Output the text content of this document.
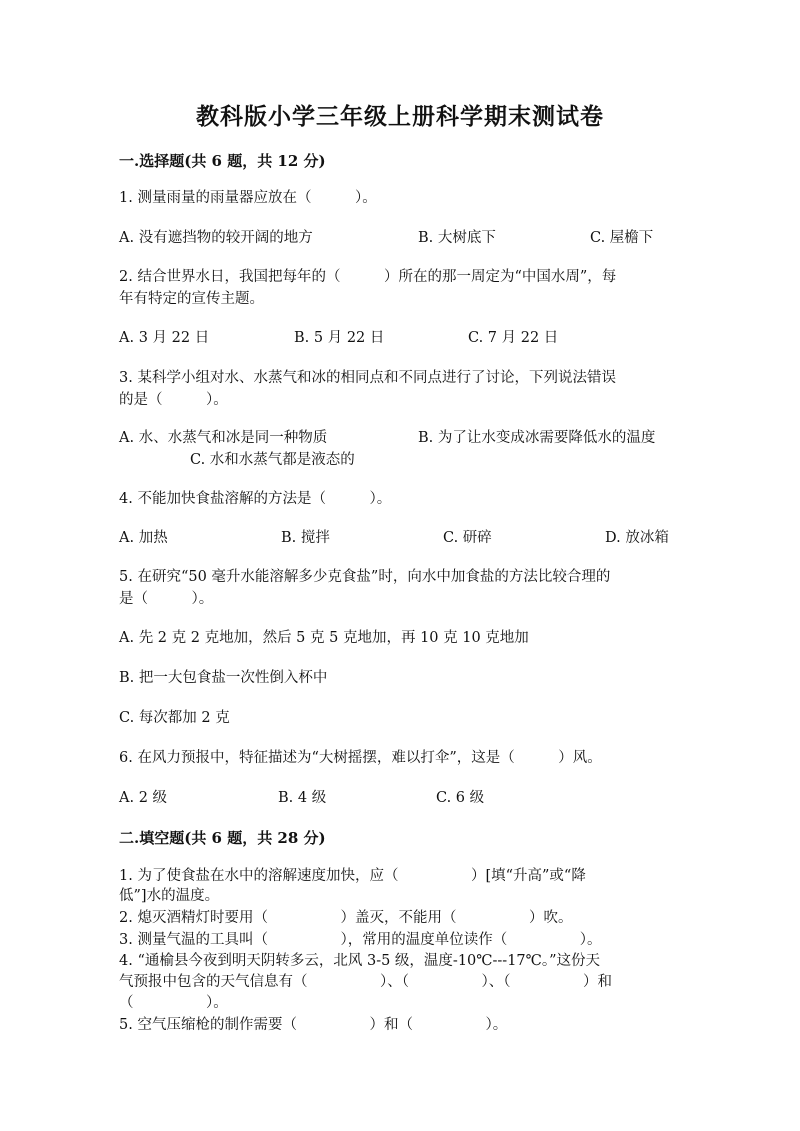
教科版小学三年级上册科学期末测试卷
一.选择题(共 6 题，共 12 分)
1. 测量雨量的雨量器应放在（　　　）。
A. 没有遮挡物的较开阔的地方	B. 大树底下	C. 屋檐下
2. 结合世界水日，我国把每年的（　　　）所在的那一周定为“中国水周”，每
年有特定的宣传主题。
A. 3 月 22 日	B. 5 月 22 日	C. 7 月 22 日
3. 某科学小组对水、水蒸气和冰的相同点和不同点进行了讨论，下列说法错误
的是（　　　）。
A. 水、水蒸气和冰是同一种物质	B. 为了让水变成冰需要降低水的温度
C. 水和水蒸气都是液态的
4. 不能加快食盐溶解的方法是（　　　）。
A. 加热	B. 搅拌	C. 研碎	D. 放冰箱
5. 在研究“50 毫升水能溶解多少克食盐”时，向水中加食盐的方法比较合理的
是（　　　）。
A. 先 2 克 2 克地加，然后 5 克 5 克地加，再 10 克 10 克地加
B. 把一大包食盐一次性倒入杯中
C. 每次都加 2 克
6. 在风力预报中，特征描述为“大树摇摆，难以打伞”，这是（　　　）风。
A. 2 级	B. 4 级	C. 6 级
二.填空题(共 6 题，共 28 分)
1. 为了使食盐在水中的溶解速度加快，应（　　　　　）[填“升高”或“降
低”]水的温度。
2. 熄灭酒精灯时要用（　　　　　）盖灭，不能用（　　　　　）吹。
3. 测量气温的工具叫（　　　　　），常用的温度单位读作（　　　　　）。
4. “通榆县今夜到明天阴转多云，北风 3-5 级，温度-10℃---17℃。”这份天
气预报中包含的天气信息有（　　　　　）、（　　　　　）、（　　　　　）和
（　　　　　）。
5. 空气压缩枪的制作需要（　　　　　）和（　　　　　）。
